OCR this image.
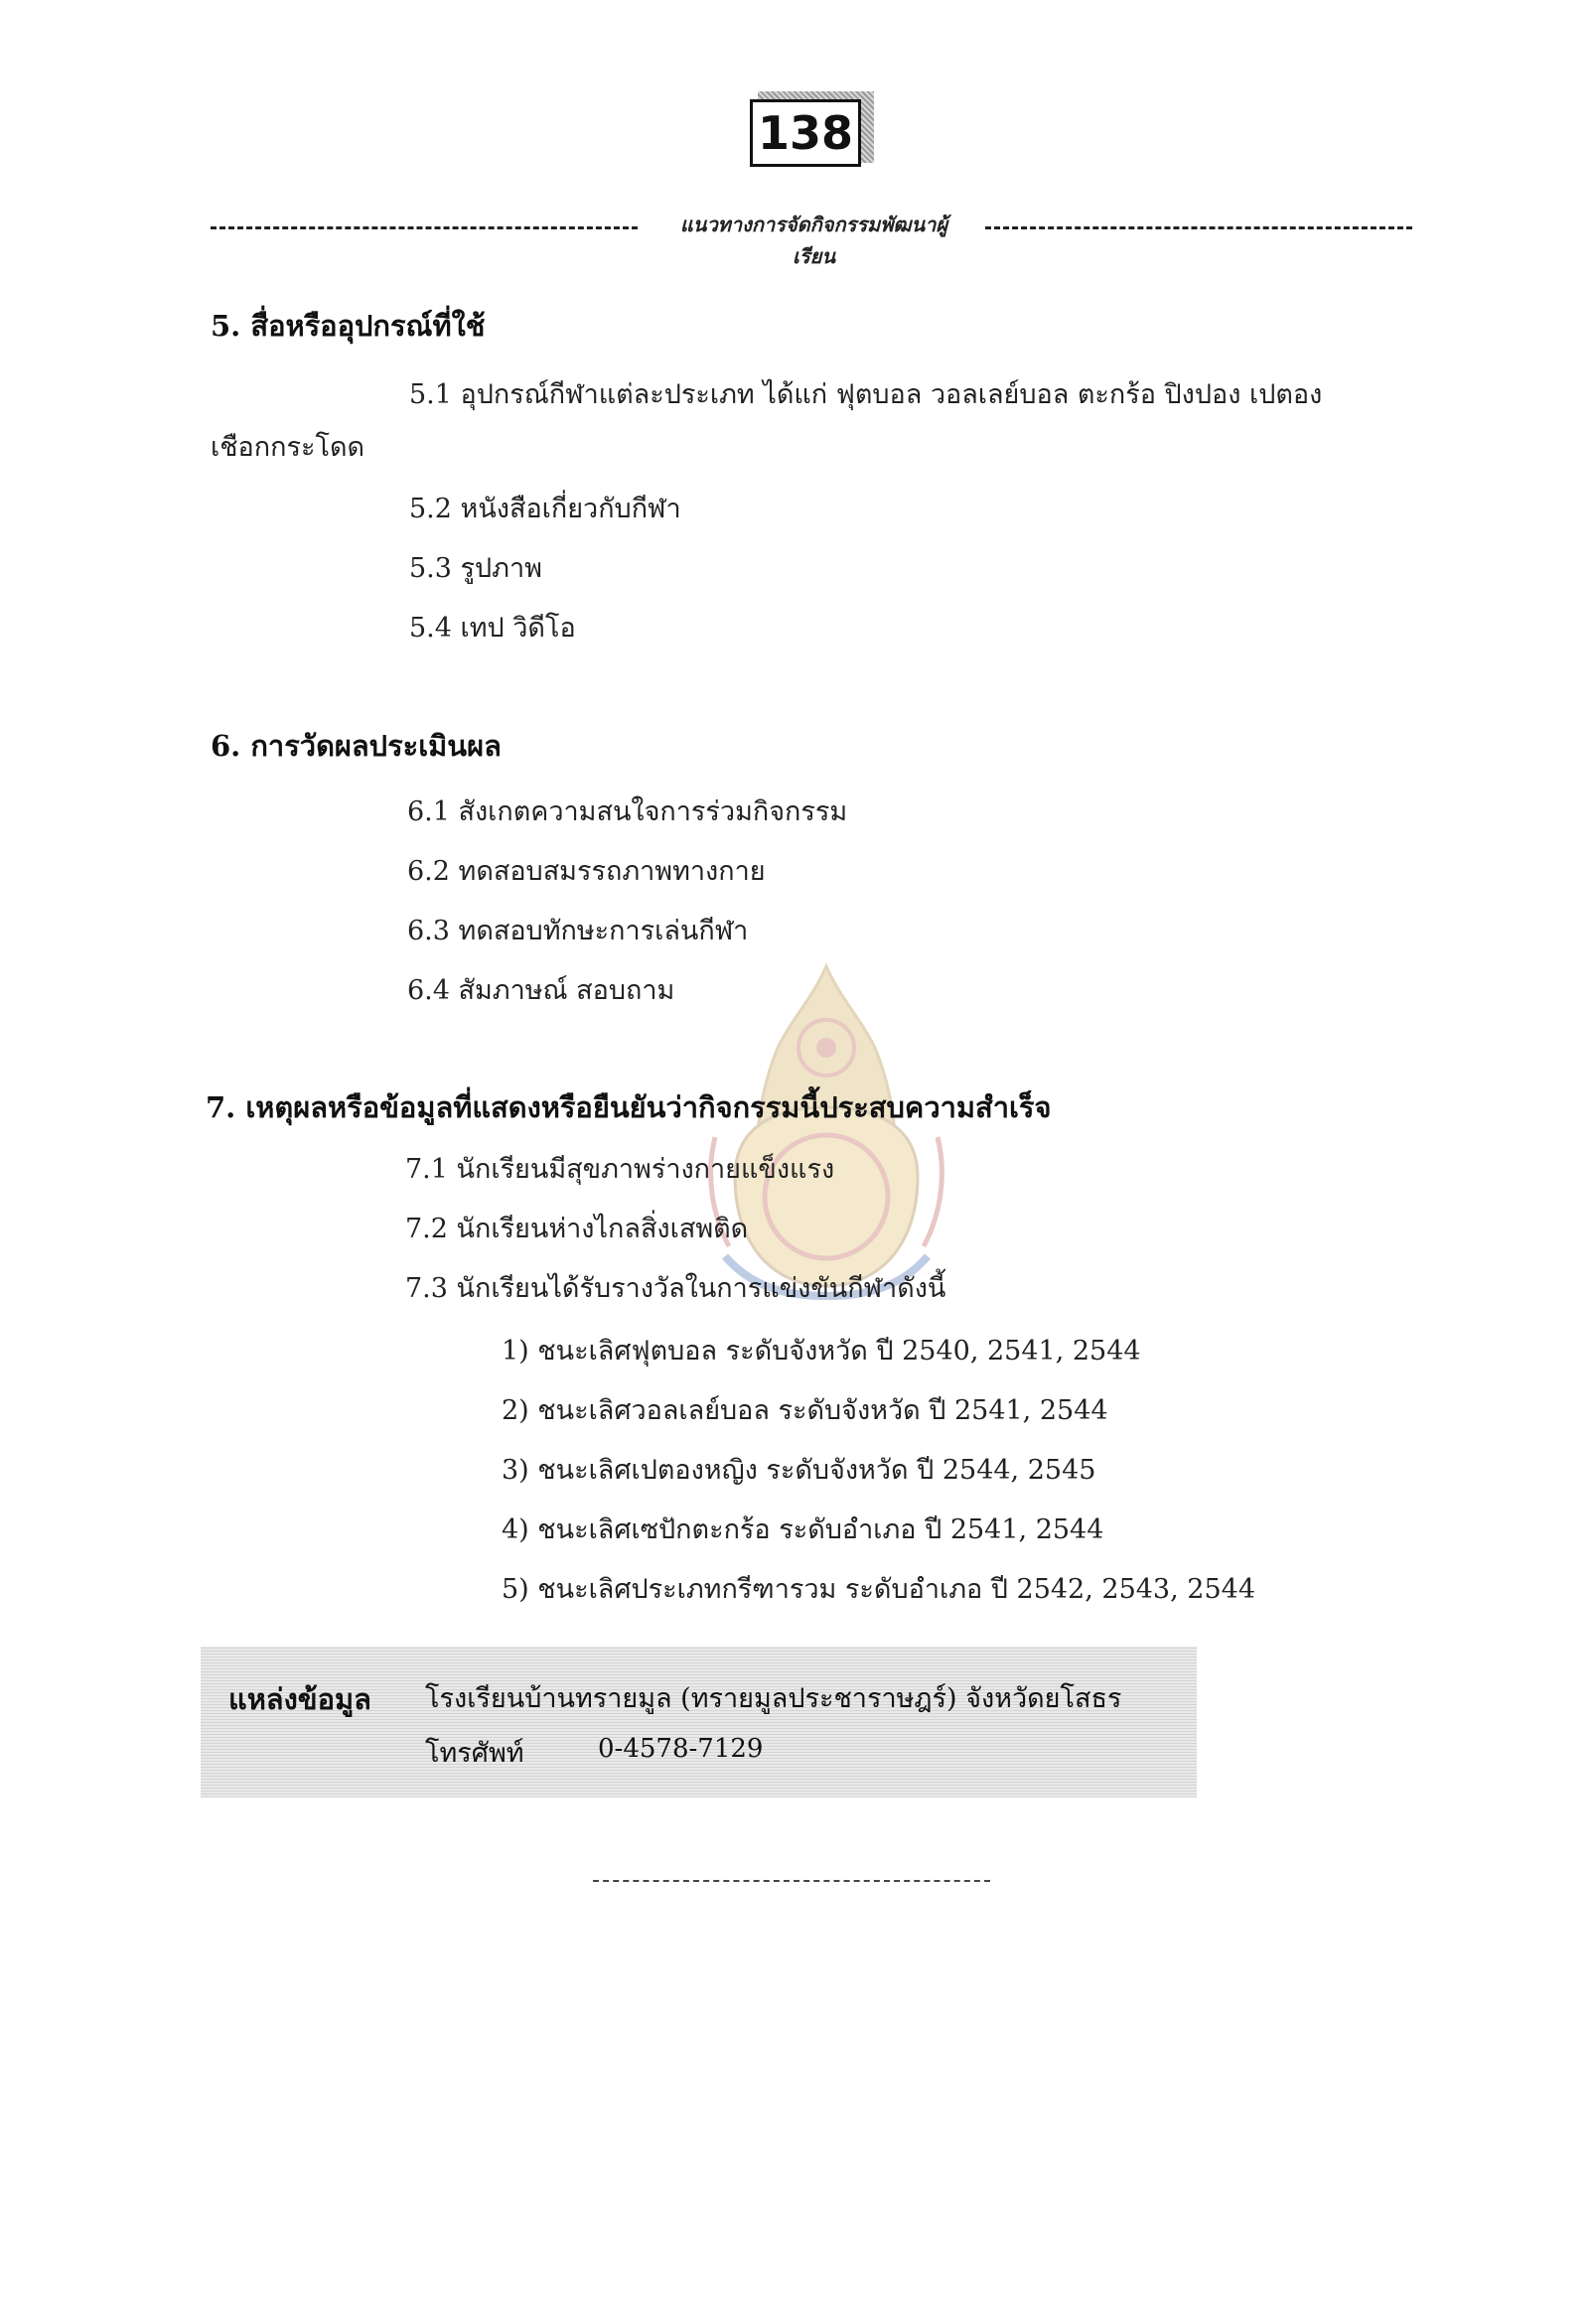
138
แนวทางการจัดกิจกรรมพัฒนาผู้เรียน
5. สื่อหรืออุปกรณ์ที่ใช้
5.1 อุปกรณ์กีฬาแต่ละประเภท ได้แก่ ฟุตบอล วอลเลย์บอล ตะกร้อ ปิงปอง เปตอง
เชือกกระโดด
5.2 หนังสือเกี่ยวกับกีฬา
5.3 รูปภาพ
5.4 เทป วิดีโอ
6. การวัดผลประเมินผล
6.1 สังเกตความสนใจการร่วมกิจกรรม
6.2 ทดสอบสมรรถภาพทางกาย
6.3 ทดสอบทักษะการเล่นกีฬา
6.4 สัมภาษณ์ สอบถาม
7. เหตุผลหรือข้อมูลที่แสดงหรือยืนยันว่ากิจกรรมนี้ประสบความสำเร็จ
7.1 นักเรียนมีสุขภาพร่างกายแข็งแรง
7.2 นักเรียนห่างไกลสิ่งเสพติด
7.3 นักเรียนได้รับรางวัลในการแข่งขันกีฬาดังนี้
1) ชนะเลิศฟุตบอล ระดับจังหวัด ปี 2540, 2541, 2544
2) ชนะเลิศวอลเลย์บอล ระดับจังหวัด ปี 2541, 2544
3) ชนะเลิศเปตองหญิง ระดับจังหวัด ปี 2544, 2545
4) ชนะเลิศเซปักตะกร้อ ระดับอำเภอ ปี 2541, 2544
5) ชนะเลิศประเภทกรีฑารวม ระดับอำเภอ ปี 2542, 2543, 2544
แหล่งข้อมูล โรงเรียนบ้านทรายมูล (ทรายมูลประชาราษฎร์) จังหวัดยโสธร
โทรศัพท์	0-4578-7129
